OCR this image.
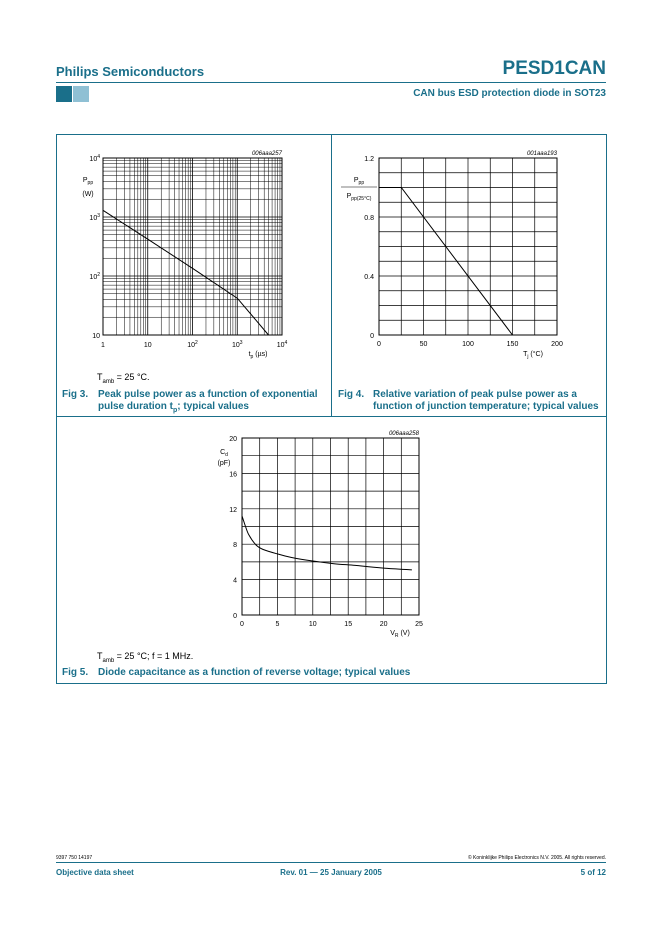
Philips Semiconductors	PESD1CAN
CAN bus ESD protection diode in SOT23
006aaa257
$P_{pp}$
(W)
1	10	$10^2$	$10^3$	$10^4$
10
$10^2$
$10^3$
$10^4$
$t_p$ (µs)
$T_{amb} = 25$ °C.
Fig 3. Peak pulse power as a function of exponential
pulse duration $t_p$; typical values
001aaa193
$P_{pp}$
$P_{pp(25^\circ C)}$
0	50	100	150	200
0
0.4
0.8
1.2
$T_j$ (°C)
Fig 4. Relative variation of peak pulse power as a
function of junction temperature; typical values
006aaa258
$C_d$
(pF)
0	5	10	15	20	25
0
4
8
12
16
20
$V_R$ (V)
$T_{amb} = 25$ °C; f = 1 MHz.
Fig 5. Diode capacitance as a function of reverse voltage; typical values
9397 750 14197	© Koninklijke Philips Electronics N.V. 2005. All rights reserved.
Objective data sheet	Rev. 01 — 25 January 2005	5 of 12
